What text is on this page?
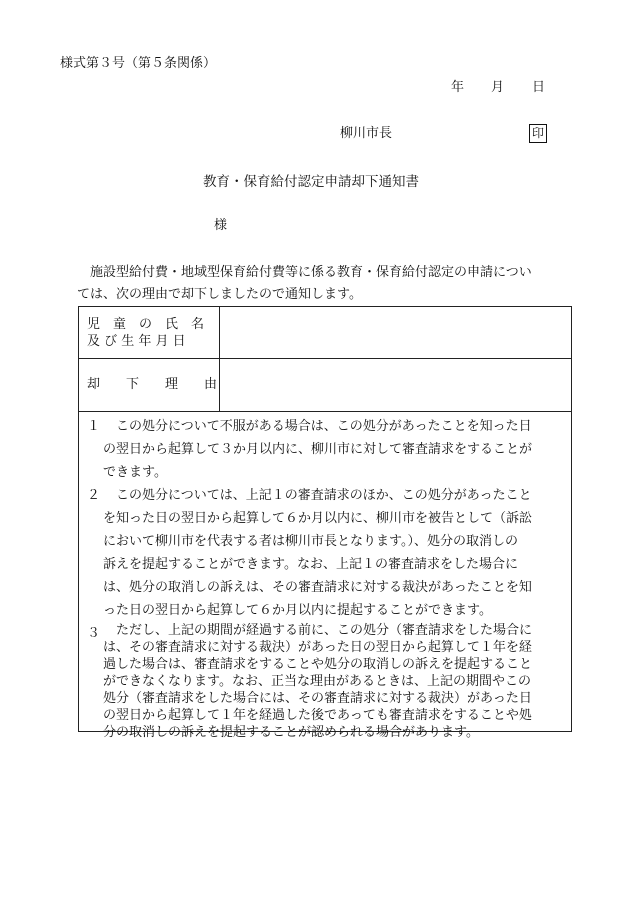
様式第３号（第５条関係）
年 月 日
柳川市長	印
教育・保育給付認定申請却下通知書
様

　施設型給付費・地域型保育給付費等に係る教育・保育給付認定の申請につい

ては、次の理由で却下しましたので通知します。

児　童　の　氏　名
及 び 生 年 月 日
却　　下　　理　　由
１ 　この処分について不服がある場合は、この処分があったことを知った日

の翌日から起算して３か月以内に、柳川市に対して審査請求をすることが

できます。

２ 　この処分については、上記１の審査請求のほか、この処分があったこと

を知った日の翌日から起算して６か月以内に、柳川市を被告として（訴訟

において柳川市を代表する者は柳川市長となります。）、処分の取消しの

訴えを提起することができます。なお、上記１の審査請求をした場合に

は、処分の取消しの訴えは、その審査請求に対する裁決があったことを知

った日の翌日から起算して６か月以内に提起することができます。

３ 　ただし、上記の期間が経過する前に、この処分（審査請求をした場合に

は、その審査請求に対する裁決）があった日の翌日から起算して１年を経

過した場合は、審査請求をすることや処分の取消しの訴えを提起すること

ができなくなります。なお、正当な理由があるときは、上記の期間やこの

処分（審査請求をした場合には、その審査請求に対する裁決）があった日

の翌日から起算して１年を経過した後であっても審査請求をすることや処

分の取消しの訴えを提起することが認められる場合があります。
